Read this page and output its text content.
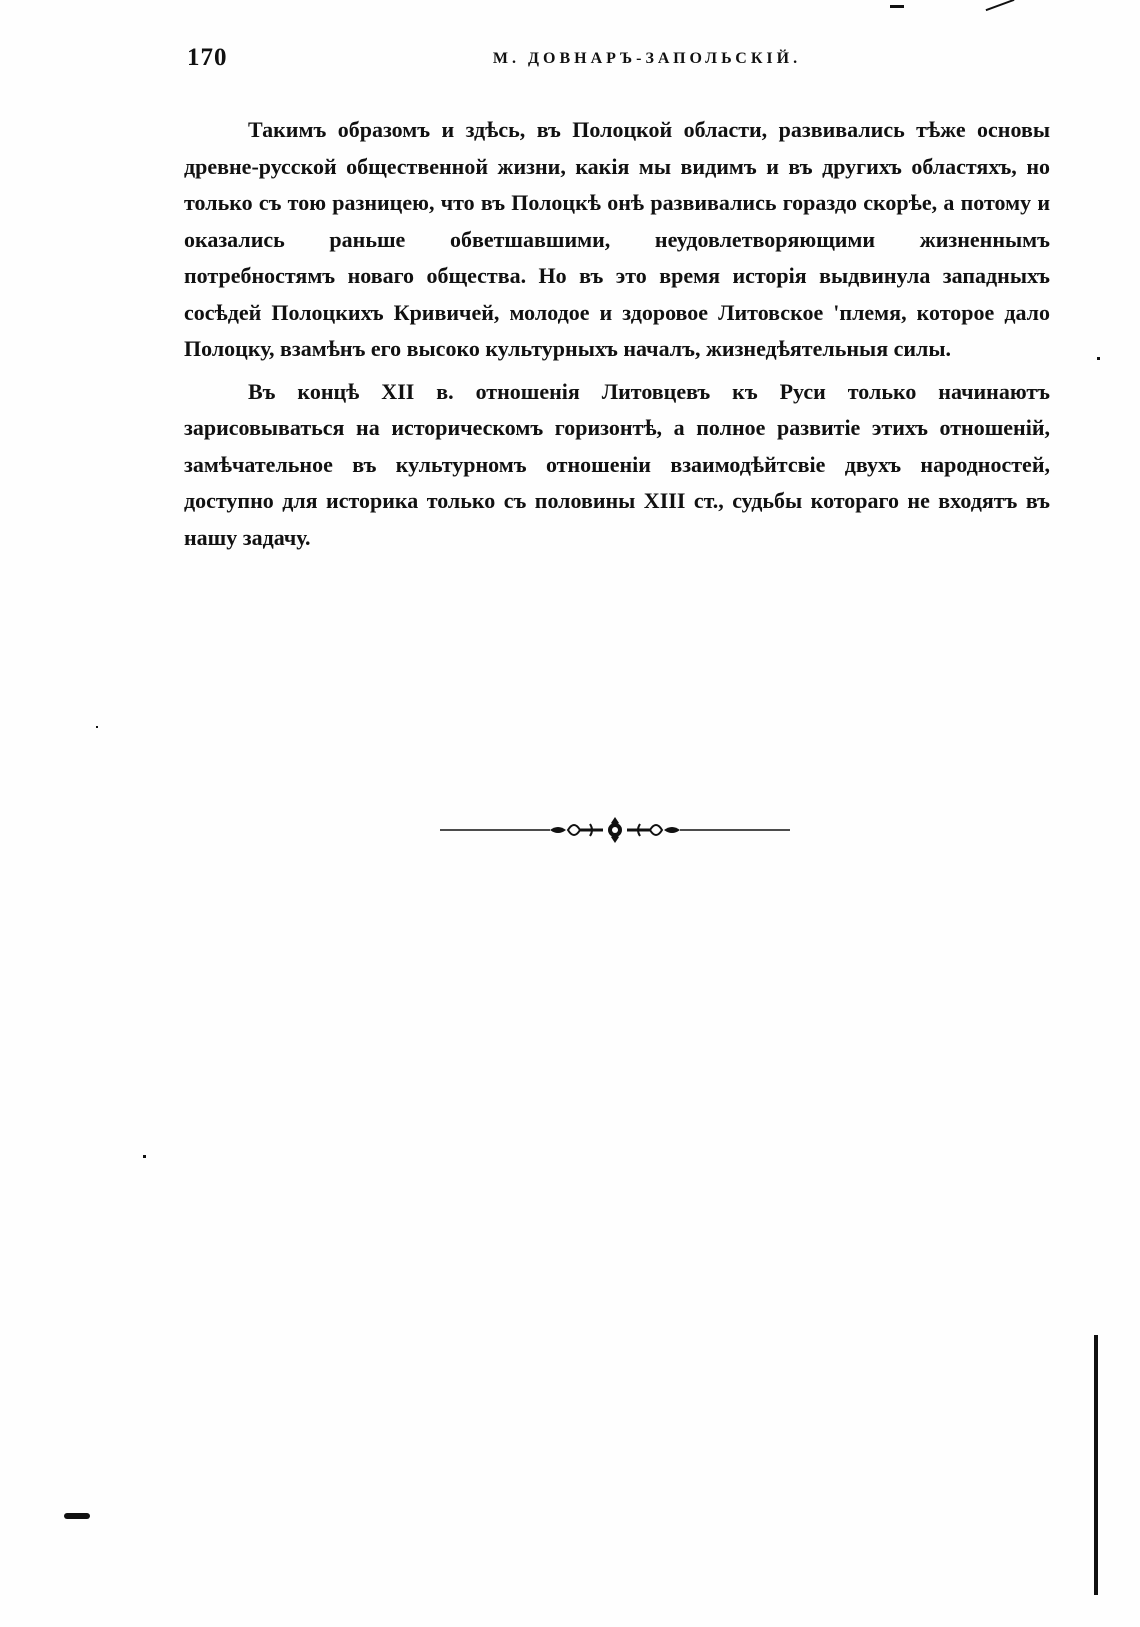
170	М. ДОВНАРЪ-ЗАПОЛЬСКІЙ.

Такимъ образомъ и здѣсь, въ Полоцкой области, развивались тѣже основы древне-русской общественной жизни, какія мы видимъ и въ другихъ областяхъ, но только съ тою разницею, что въ Полоцкѣ онѣ развивались гораздо скорѣе, а потому и оказались раньше обветшавшими, неудовлетворяющими жизненнымъ потребностямъ новаго общества. Но въ это время исторія выдвинула западныхъ сосѣдей Полоцкихъ Кривичей, молодое и здоровое Литовское 'племя, которое дало Полоцку, взамѣнъ его высоко культурныхъ началъ, жизнедѣятельныя силы.

Въ концѣ XII в. отношенія Литовцевъ къ Руси только начинаютъ зарисовываться на историческомъ горизонтѣ, а полное развитіе этихъ отношеній, замѣчательное въ культурномъ отношеніи взаимодѣйтсвіе двухъ народностей, доступно для историка только съ половины XIII ст., судьбы котораго не входятъ въ нашу задачу.
